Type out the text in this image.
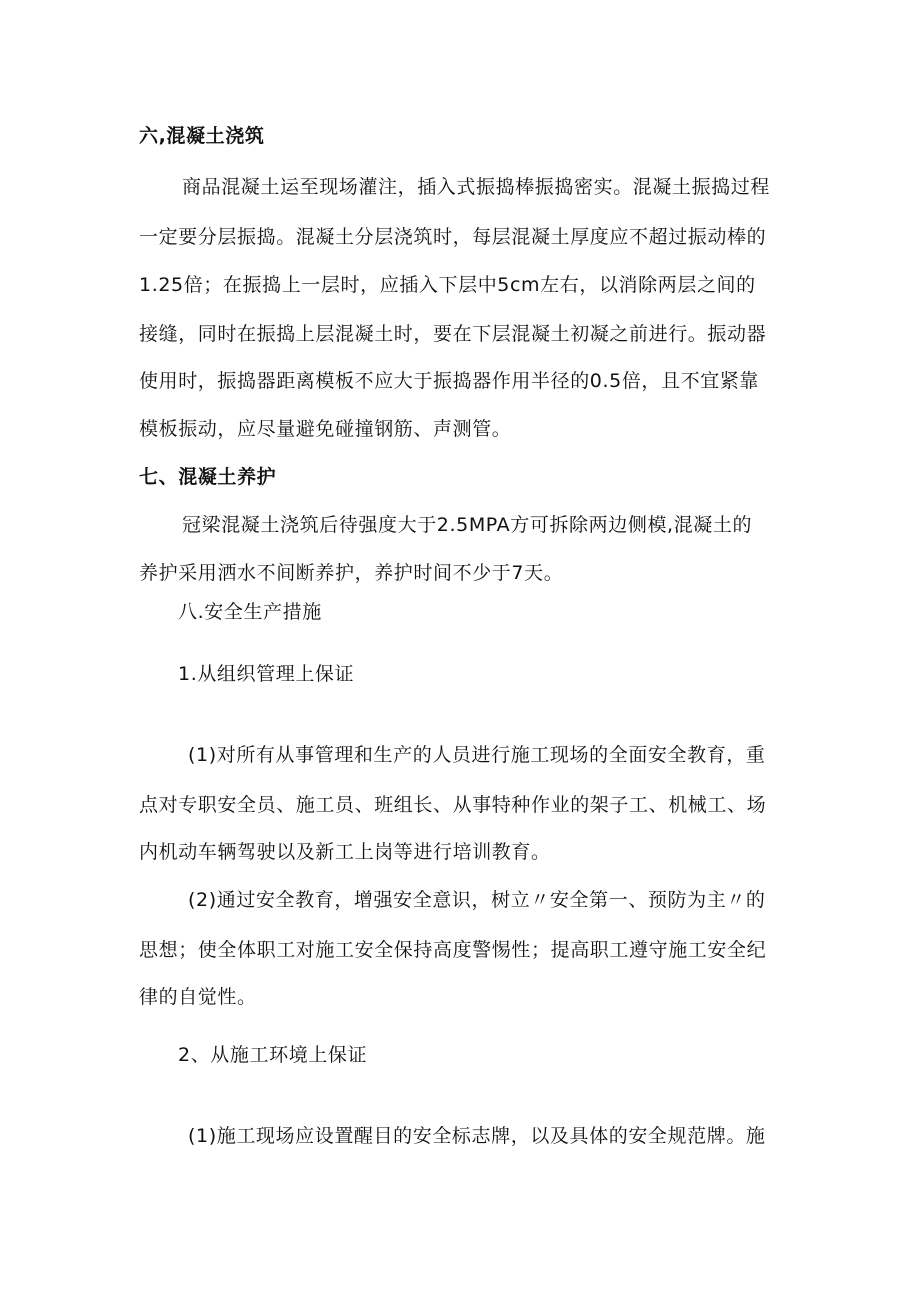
六,混凝土浇筑
商品混凝土运至现场灌注，插入式振捣棒振捣密实。混凝土振捣过程
一定要分层振捣。混凝土分层浇筑时，每层混凝土厚度应不超过振动棒的
1.25倍；在振捣上一层时，应插入下层中5cm左右，以消除两层之间的
接缝，同时在振捣上层混凝土时，要在下层混凝土初凝之前进行。振动器
使用时，振捣器距离模板不应大于振捣器作用半径的0.5倍，且不宜紧靠
模板振动，应尽量避免碰撞钢筋、声测管。
七、混凝土养护
冠梁混凝土浇筑后待强度大于2.5MPA方可拆除两边侧模,混凝土的
养护采用洒水不间断养护，养护时间不少于7天。
八.安全生产措施
1.从组织管理上保证
(1)对所有从事管理和生产的人员进行施工现场的全面安全教育，重
点对专职安全员、施工员、班组长、从事特种作业的架子工、机械工、场
内机动车辆驾驶以及新工上岗等进行培训教育。
(2)通过安全教育，增强安全意识，树立〃安全第一、预防为主〃的
思想；使全体职工对施工安全保持高度警惕性；提高职工遵守施工安全纪
律的自觉性。
2、从施工环境上保证
(1)施工现场应设置醒目的安全标志牌，以及具体的安全规范牌。施
